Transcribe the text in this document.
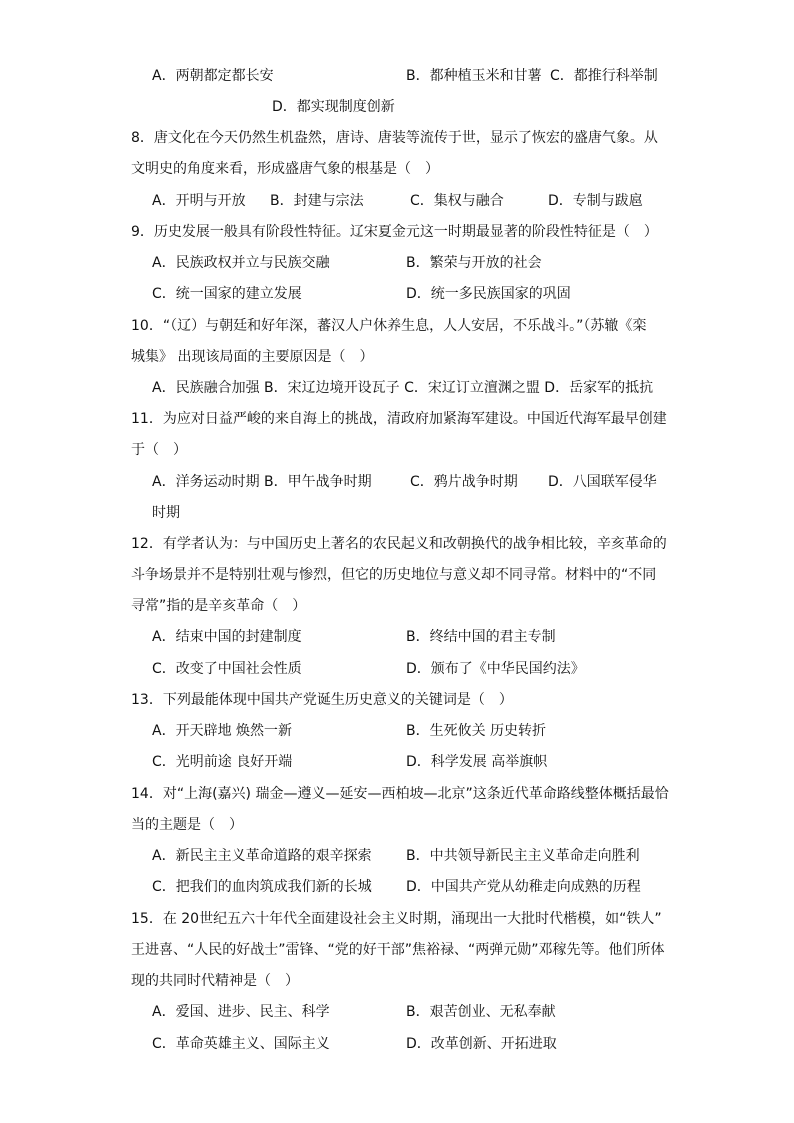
A．两朝都定都长安	B．都种植玉米和甘薯 C．都推行科举制
D．都实现制度创新
8．唐文化在今天仍然生机盎然，唐诗、唐装等流传于世，显示了恢宏的盛唐气象。从
文明史的角度来看，形成盛唐气象的根基是（　）
A．开明与开放 B．封建与宗法	C．集权与融合	D．专制与跋扈
9．历史发展一般具有阶段性特征。辽宋夏金元这一时期最显著的阶段性特征是（　）
A．民族政权并立与民族交融	B．繁荣与开放的社会
C．统一国家的建立发展	D．统一多民族国家的巩固
10．“（辽）与朝廷和好年深，蕃汉人户休养生息，人人安居，不乐战斗。”（苏辙《栾
城集》 出现该局面的主要原因是（　）
A．民族融合加强 B．宋辽边境开设瓦子 C．宋辽订立澶渊之盟 D．岳家军的抵抗
11．为应对日益严峻的来自海上的挑战，清政府加紧海军建设。中国近代海军最早创建
于（　）
A．洋务运动时期 B．甲午战争时期	C．鸦片战争时期 D．八国联军侵华
时期
12．有学者认为：与中国历史上著名的农民起义和改朝换代的战争相比较，辛亥革命的
斗争场景并不是特别壮观与惨烈，但它的历史地位与意义却不同寻常。材料中的“不同
寻常”指的是辛亥革命（　）
A．结束中国的封建制度	B．终结中国的君主专制
C．改变了中国社会性质	D．颁布了《中华民国约法》
13．下列最能体现中国共产党诞生历史意义的关键词是（　）
A．开天辟地 焕然一新	B．生死攸关 历史转折
C．光明前途 良好开端	D．科学发展 高举旗帜
14．对“上海(嘉兴) 瑞金—遵义—延安—西柏坡—北京”这条近代革命路线整体概括最恰
当的主题是（　）
A．新民主主义革命道路的艰辛探索 B．中共领导新民主主义革命走向胜利
C．把我们的血肉筑成我们新的长城 D．中国共产党从幼稚走向成熟的历程
15．在 20世纪五六十年代全面建设社会主义时期，涌现出一大批时代楷模，如“铁人”
王进喜、“人民的好战士”雷锋、“党的好干部”焦裕禄、“两弹元勋”邓稼先等。他们所体
现的共同时代精神是（　）
A．爱国、进步、民主、科学	B．艰苦创业、无私奉献
C．革命英雄主义、国际主义	D．改革创新、开拓进取
